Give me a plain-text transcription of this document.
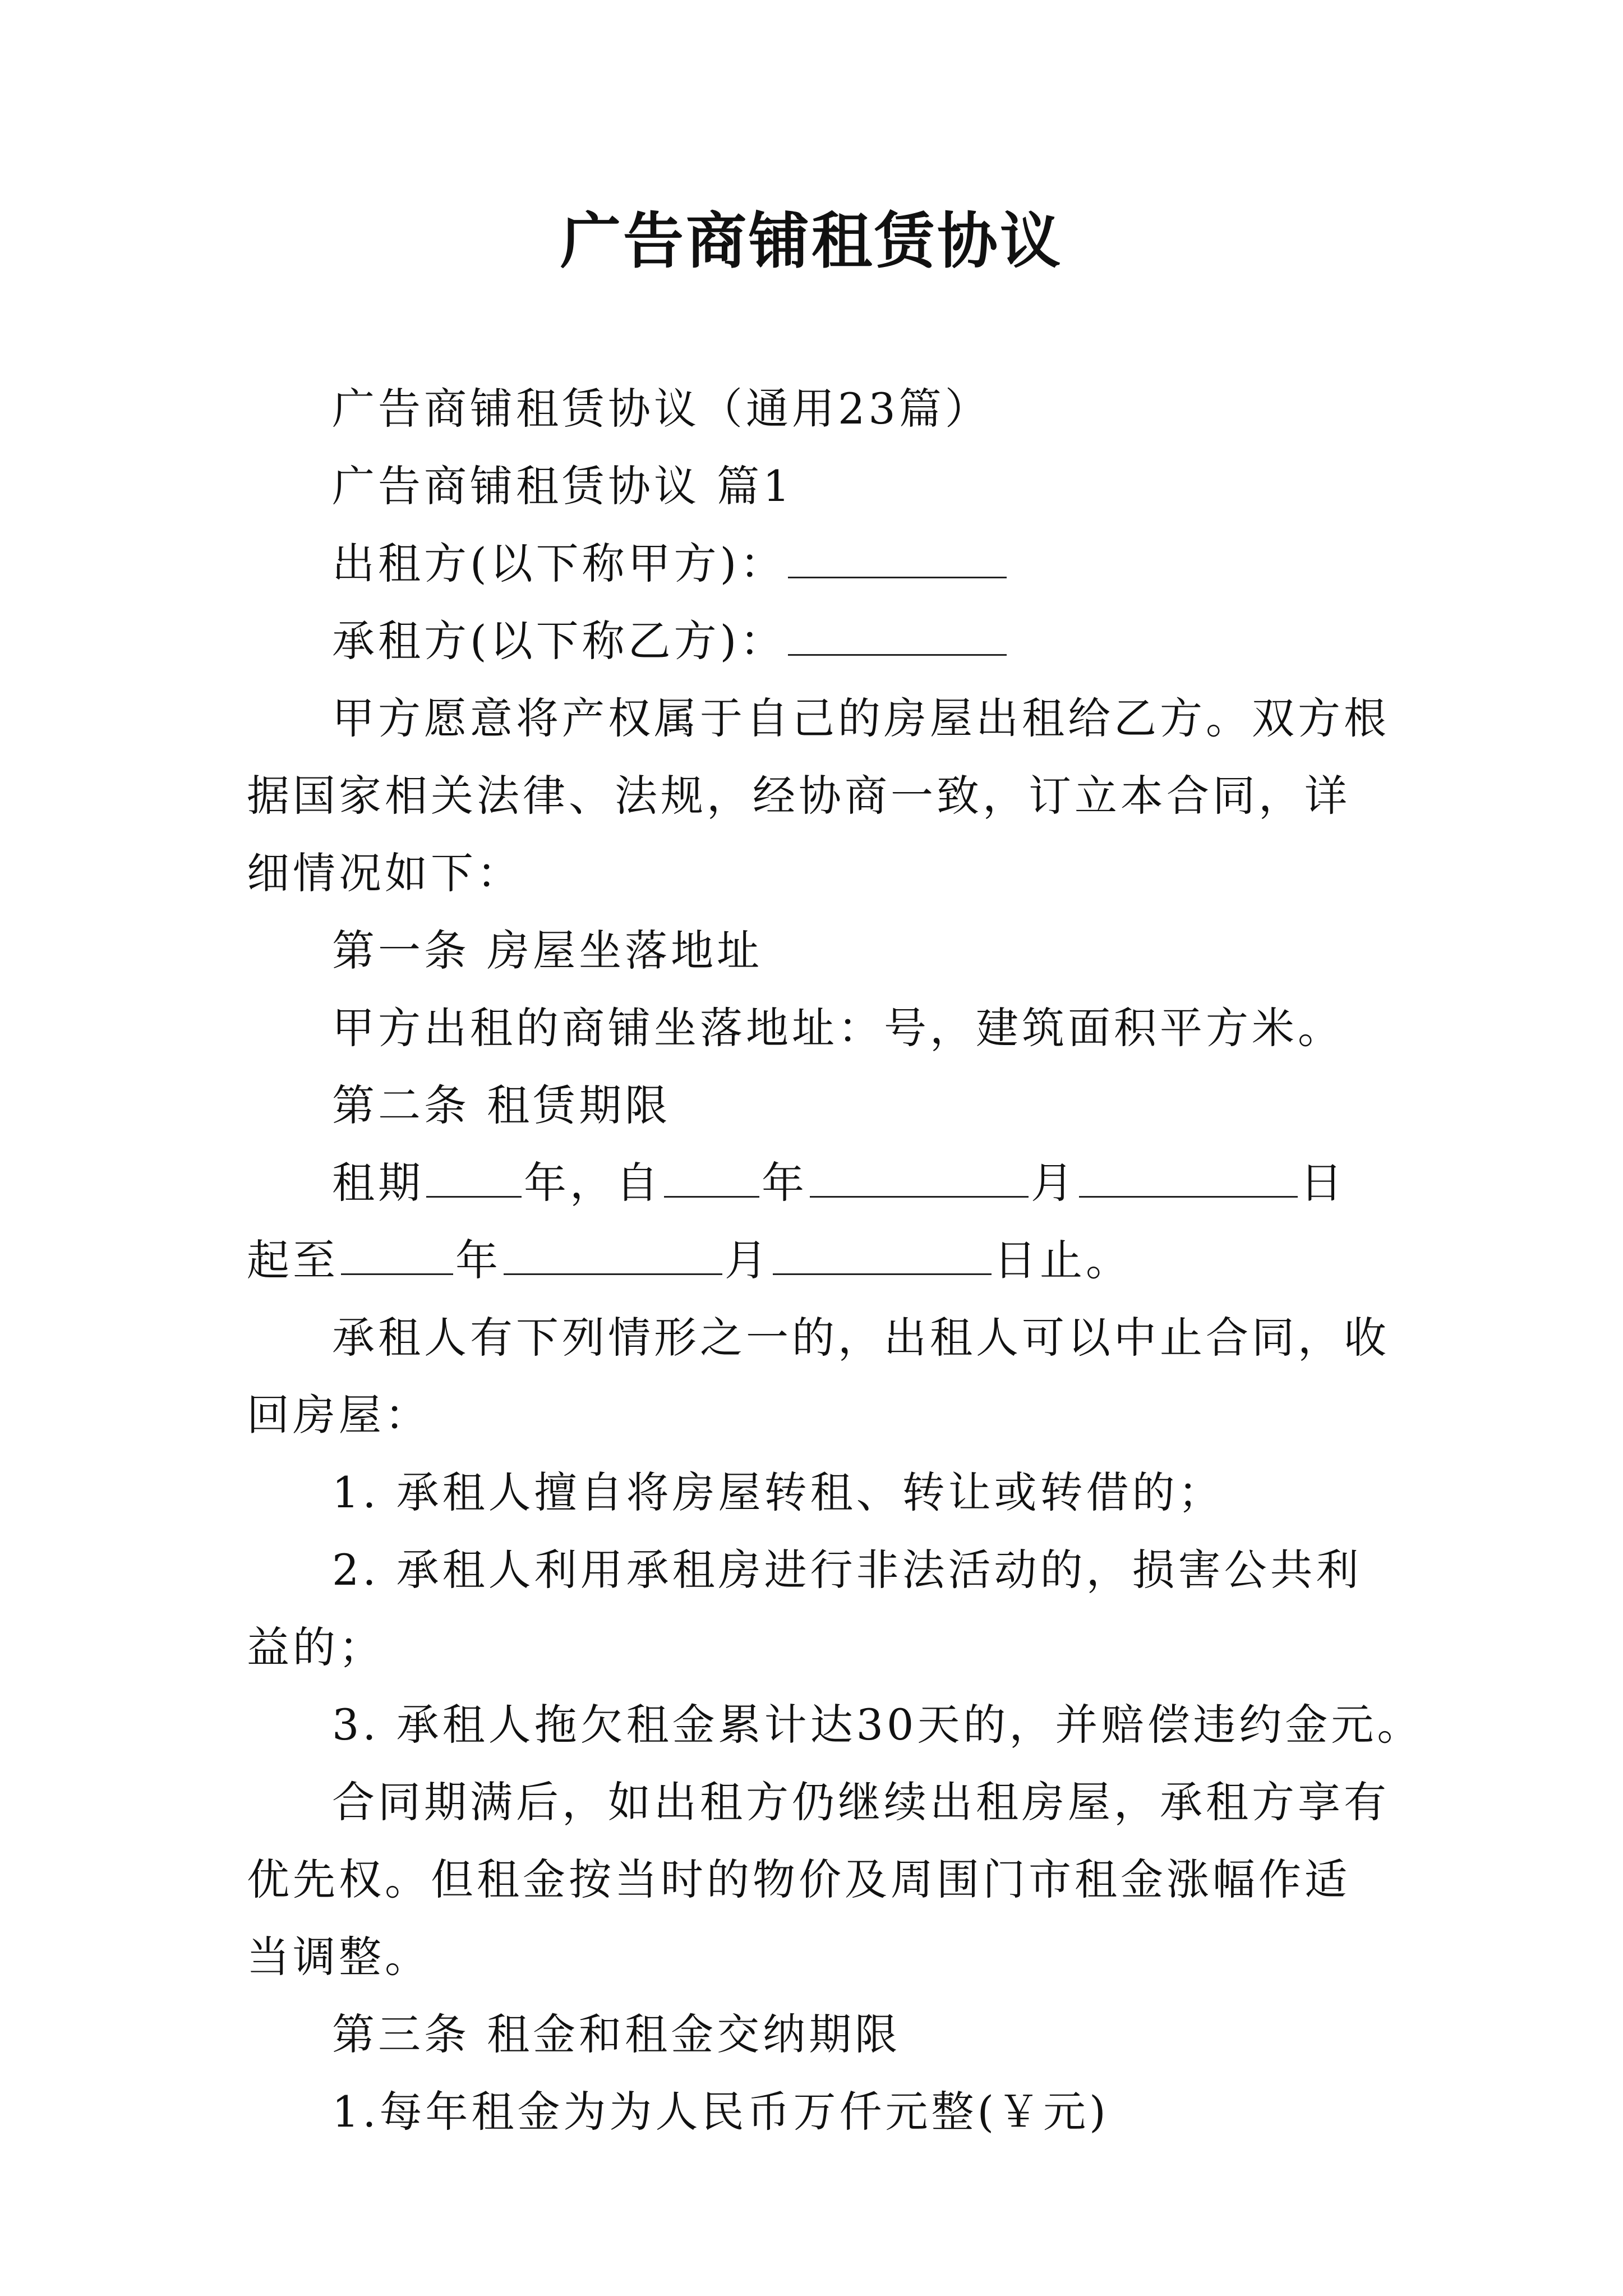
广告商铺租赁协议

广告商铺租赁协议（通用23篇）

广告商铺租赁协议 篇1

出租方(以下称甲方)：

承租方(以下称乙方)：

甲方愿意将产权属于自己的房屋出租给乙方。双方根据国家相关法律、法规，经协商一致，订立本合同，详细情况如下：

第一条 房屋坐落地址

甲方出租的商铺坐落地址：号，建筑面积平方米。

第二条 租赁期限

租期 年，自 年	月	日起至	年	月	日止。

承租人有下列情形之一的，出租人可以中止合同，收回房屋：

1. 承租人擅自将房屋转租、转让或转借的；

2. 承租人利用承租房进行非法活动的，损害公共利益的；

3. 承租人拖欠租金累计达30天的，并赔偿违约金元。

合同期满后，如出租方仍继续出租房屋，承租方享有优先权。但租金按当时的物价及周围门市租金涨幅作适当调整。

第三条 租金和租金交纳期限

1.每年租金为为人民币万仟元整(￥元)
